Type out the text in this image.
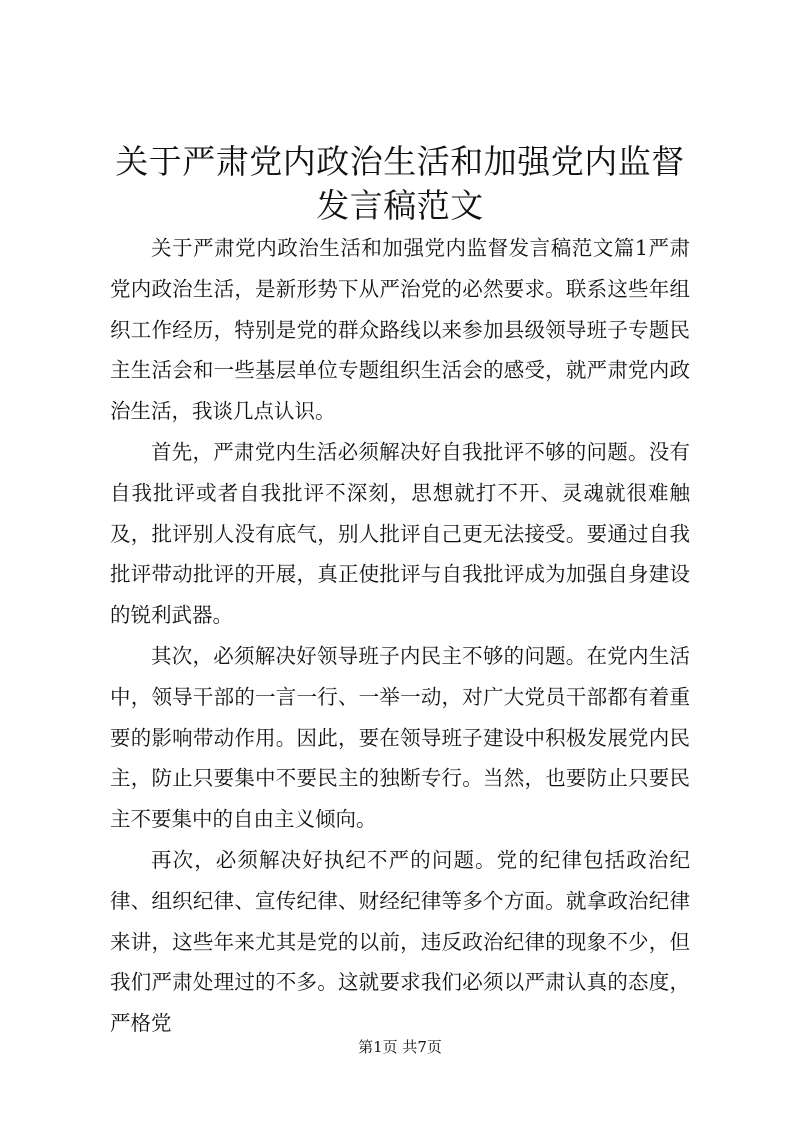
关于严肃党内政治生活和加强党内监督发言稿范文

关于严肃党内政治生活和加强党内监督发言稿范文篇1严肃党内政治生活，是新形势下从严治党的必然要求。联系这些年组织工作经历，特别是党的群众路线以来参加县级领导班子专题民主生活会和一些基层单位专题组织生活会的感受，就严肃党内政治生活，我谈几点认识。

首先，严肃党内生活必须解决好自我批评不够的问题。没有自我批评或者自我批评不深刻，思想就打不开、灵魂就很难触及，批评别人没有底气，别人批评自己更无法接受。要通过自我批评带动批评的开展，真正使批评与自我批评成为加强自身建设的锐利武器。

其次，必须解决好领导班子内民主不够的问题。在党内生活中，领导干部的一言一行、一举一动，对广大党员干部都有着重要的影响带动作用。因此，要在领导班子建设中积极发展党内民主，防止只要集中不要民主的独断专行。当然，也要防止只要民主不要集中的自由主义倾向。

再次，必须解决好执纪不严的问题。党的纪律包括政治纪律、组织纪律、宣传纪律、财经纪律等多个方面。就拿政治纪律来讲，这些年来尤其是党的以前，违反政治纪律的现象不少，但我们严肃处理过的不多。这就要求我们必须以严肃认真的态度，严格党

第1页 共7页
